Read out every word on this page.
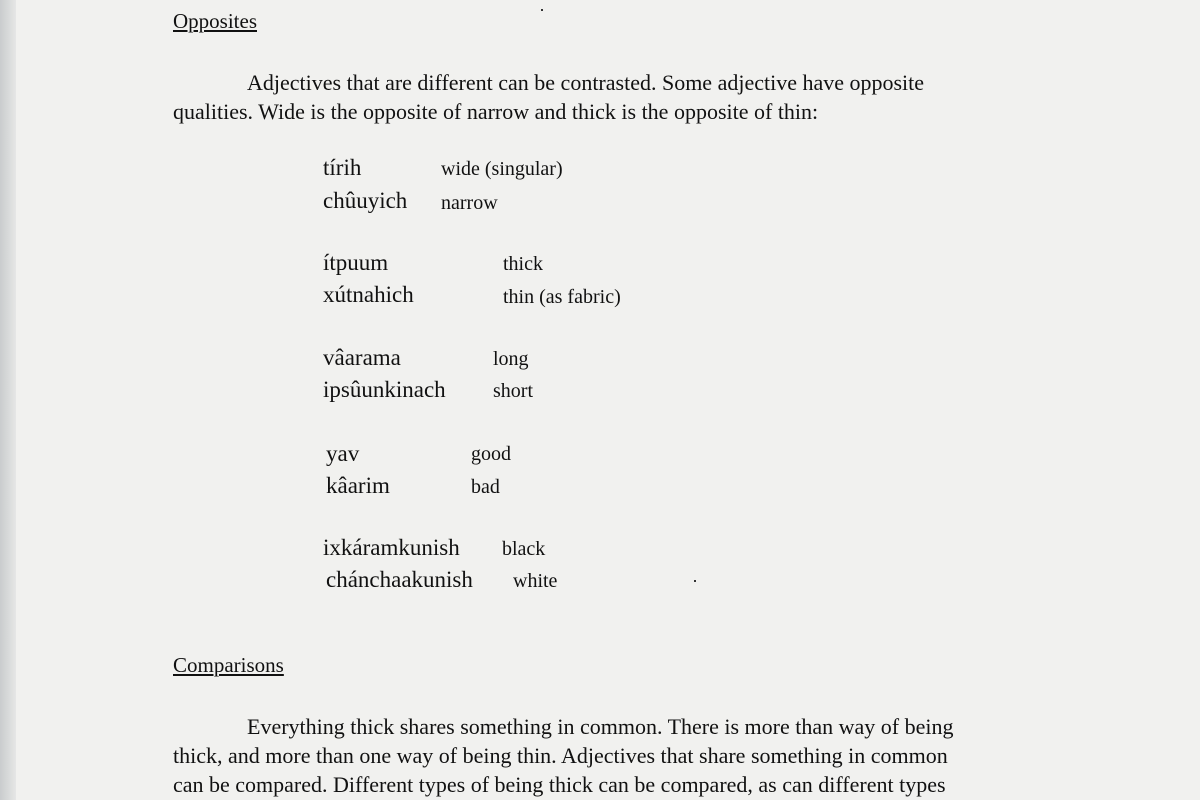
Opposites
Adjectives that are different can be contrasted. Some adjective have opposite
qualities. Wide is the opposite of narrow and thick is the opposite of thin:
tírih	wide (singular)
chûuyich narrow
ítpuum	thick
xútnahich	thin (as fabric)
vâarama	long
ipsûunkinach short
yav	good
kâarim	bad
ixkáramkunish black
chánchaakunish white
Comparisons
Everything thick shares something in common. There is more than way of being
thick, and more than one way of being thin. Adjectives that share something in common
can be compared. Different types of being thick can be compared, as can different types
